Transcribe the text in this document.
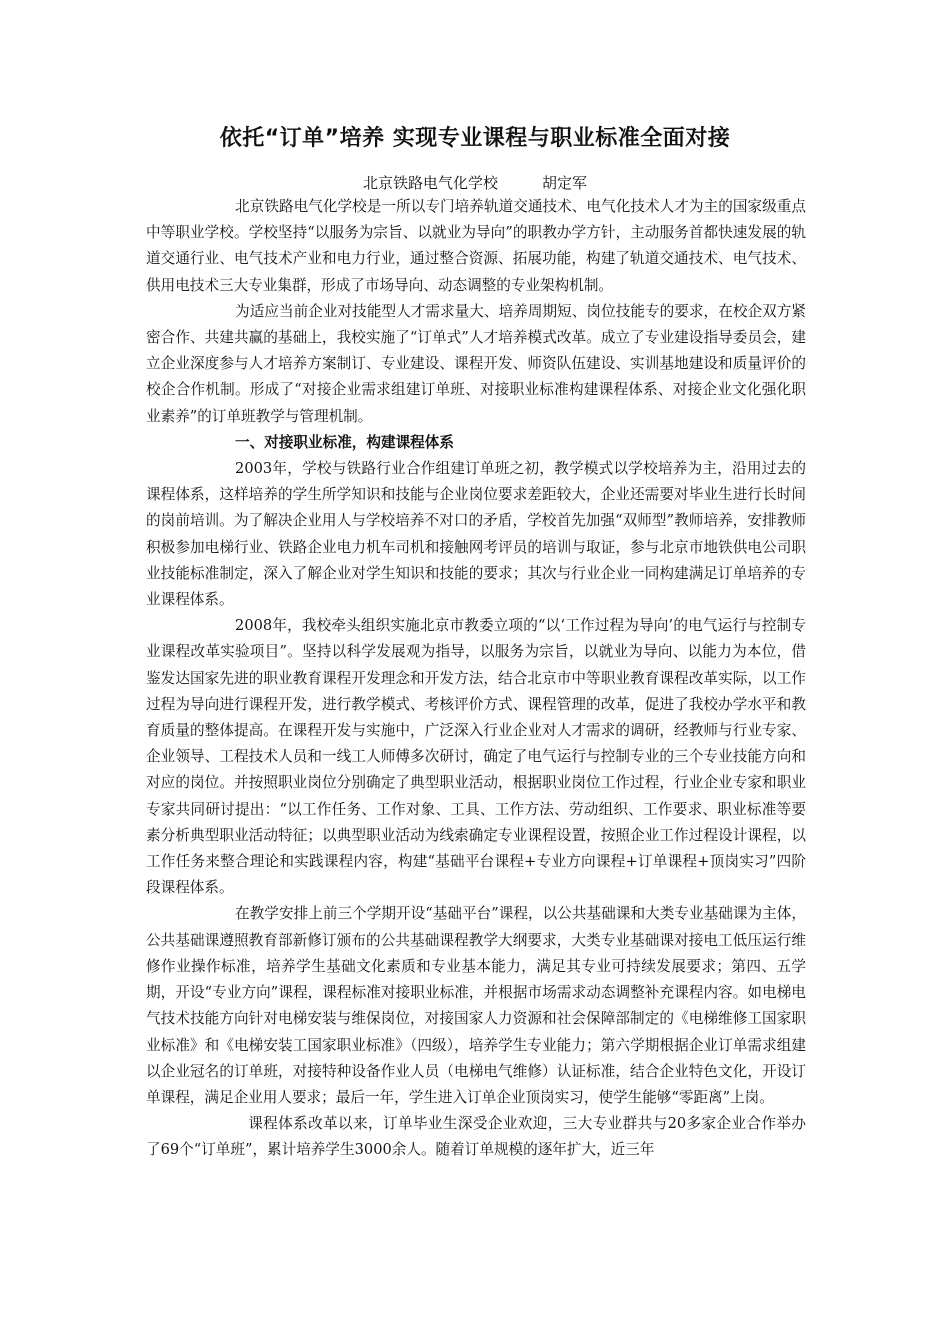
依托“订单”培养 实现专业课程与职业标准全面对接

北京铁路电气化学校	胡定军

北京铁路电气化学校是一所以专门培养轨道交通技术、电气化技术人才为主的国家级重点中等职业学校。学校坚持“以服务为宗旨、以就业为导向”的职教办学方针，主动服务首都快速发展的轨道交通行业、电气技术产业和电力行业，通过整合资源、拓展功能，构建了轨道交通技术、电气技术、供用电技术三大专业集群，形成了市场导向、动态调整的专业架构机制。

为适应当前企业对技能型人才需求量大、培养周期短、岗位技能专的要求，在校企双方紧密合作、共建共赢的基础上，我校实施了“订单式”人才培养模式改革。成立了专业建设指导委员会，建立企业深度参与人才培养方案制订、专业建设、课程开发、师资队伍建设、实训基地建设和质量评价的校企合作机制。形成了“对接企业需求组建订单班、对接职业标准构建课程体系、对接企业文化强化职业素养”的订单班教学与管理机制。

一、对接职业标准，构建课程体系

2003年，学校与铁路行业合作组建订单班之初，教学模式以学校培养为主，沿用过去的课程体系，这样培养的学生所学知识和技能与企业岗位要求差距较大，企业还需要对毕业生进行长时间的岗前培训。为了解决企业用人与学校培养不对口的矛盾，学校首先加强“双师型”教师培养，安排教师积极参加电梯行业、铁路企业电力机车司机和接触网考评员的培训与取证，参与北京市地铁供电公司职业技能标准制定，深入了解企业对学生知识和技能的要求；其次与行业企业一同构建满足订单培养的专业课程体系。

2008年，我校牵头组织实施北京市教委立项的“以‘工作过程为导向’的电气运行与控制专业课程改革实验项目”。坚持以科学发展观为指导，以服务为宗旨，以就业为导向、以能力为本位，借鉴发达国家先进的职业教育课程开发理念和开发方法，结合北京市中等职业教育课程改革实际，以工作过程为导向进行课程开发，进行教学模式、考核评价方式、课程管理的改革，促进了我校办学水平和教育质量的整体提高。在课程开发与实施中，广泛深入行业企业对人才需求的调研，经教师与行业专家、企业领导、工程技术人员和一线工人师傅多次研讨，确定了电气运行与控制专业的三个专业技能方向和对应的岗位。并按照职业岗位分别确定了典型职业活动，根据职业岗位工作过程，行业企业专家和职业专家共同研讨提出：“以工作任务、工作对象、工具、工作方法、劳动组织、工作要求、职业标准等要素分析典型职业活动特征；以典型职业活动为线索确定专业课程设置，按照企业工作过程设计课程，以工作任务来整合理论和实践课程内容，构建“基础平台课程+专业方向课程+订单课程+顶岗实习”四阶段课程体系。

在教学安排上前三个学期开设“基础平台”课程，以公共基础课和大类专业基础课为主体，公共基础课遵照教育部新修订颁布的公共基础课程教学大纲要求，大类专业基础课对接电工低压运行维修作业操作标准，培养学生基础文化素质和专业基本能力，满足其专业可持续发展要求；第四、五学期，开设“专业方向”课程，课程标准对接职业标准，并根据市场需求动态调整补充课程内容。如电梯电气技术技能方向针对电梯安装与维保岗位，对接国家人力资源和社会保障部制定的《电梯维修工国家职业标准》和《电梯安装工国家职业标准》（四级），培养学生专业能力；第六学期根据企业订单需求组建以企业冠名的订单班，对接特种设备作业人员（电梯电气维修）认证标准，结合企业特色文化，开设订单课程，满足企业用人要求；最后一年，学生进入订单企业顶岗实习，使学生能够“零距离”上岗。

课程体系改革以来，订单毕业生深受企业欢迎，三大专业群共与20多家企业合作举办了69个“订单班”，累计培养学生3000余人。随着订单规模的逐年扩大，近三年
